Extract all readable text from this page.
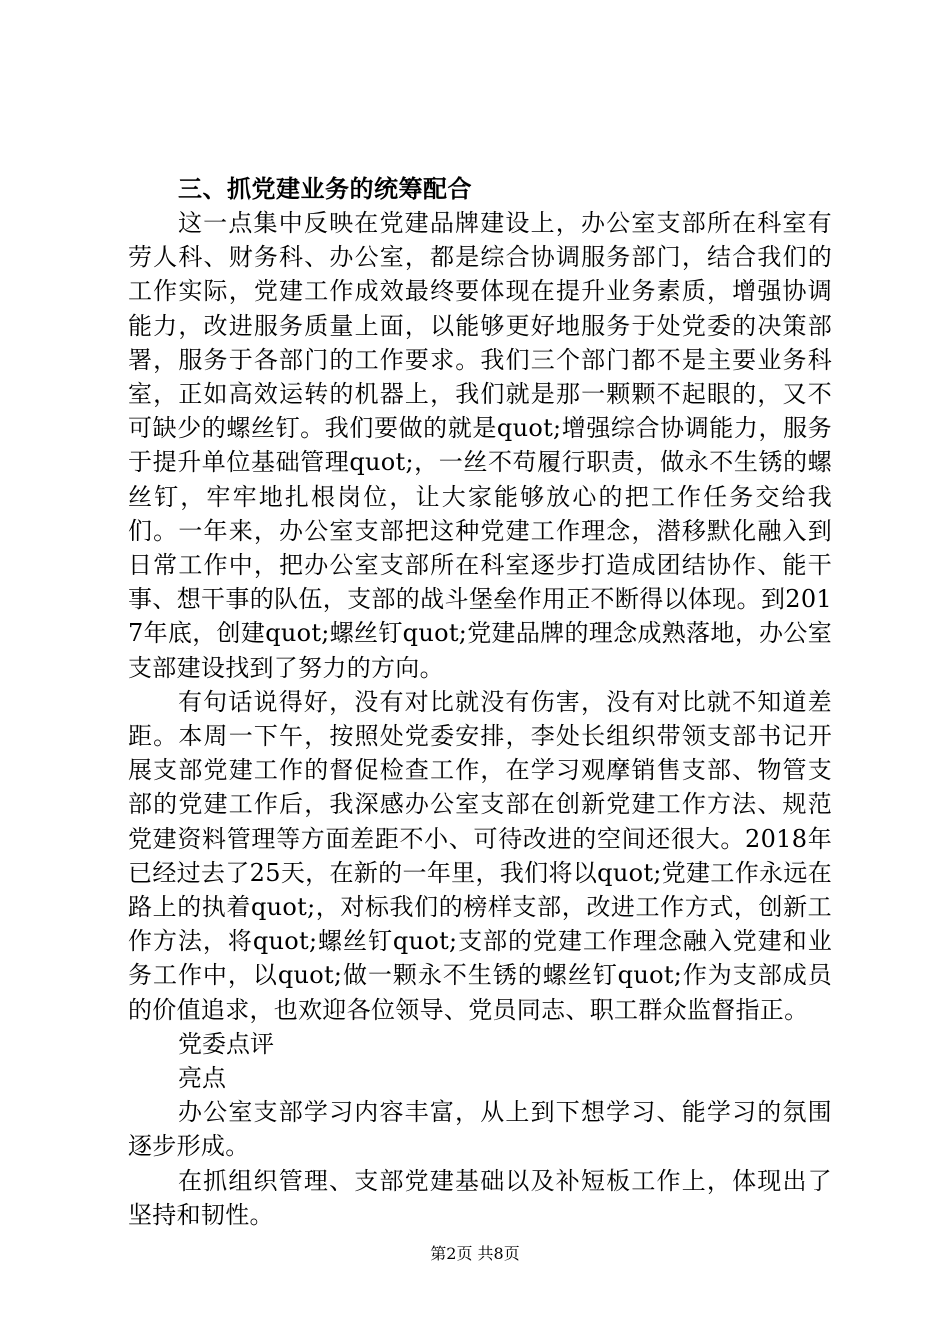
三、抓党建业务的统筹配合

这一点集中反映在党建品牌建设上，办公室支部所在科室有劳人科、财务科、办公室，都是综合协调服务部门，结合我们的工作实际，党建工作成效最终要体现在提升业务素质，增强协调能力，改进服务质量上面，以能够更好地服务于处党委的决策部署，服务于各部门的工作要求。我们三个部门都不是主要业务科室，正如高效运转的机器上，我们就是那一颗颗不起眼的，又不可缺少的螺丝钉。我们要做的就是quot;增强综合协调能力，服务于提升单位基础管理quot;，一丝不苟履行职责，做永不生锈的螺丝钉，牢牢地扎根岗位，让大家能够放心的把工作任务交给我们。一年来，办公室支部把这种党建工作理念，潜移默化融入到日常工作中，把办公室支部所在科室逐步打造成团结协作、能干事、想干事的队伍，支部的战斗堡垒作用正不断得以体现。到2017年底，创建quot;螺丝钉quot;党建品牌的理念成熟落地，办公室支部建设找到了努力的方向。

有句话说得好，没有对比就没有伤害，没有对比就不知道差距。本周一下午，按照处党委安排，李处长组织带领支部书记开展支部党建工作的督促检查工作，在学习观摩销售支部、物管支部的党建工作后，我深感办公室支部在创新党建工作方法、规范党建资料管理等方面差距不小、可待改进的空间还很大。2018年已经过去了25天，在新的一年里，我们将以quot;党建工作永远在路上的执着quot;，对标我们的榜样支部，改进工作方式，创新工作方法，将quot;螺丝钉quot;支部的党建工作理念融入党建和业务工作中，以quot;做一颗永不生锈的螺丝钉quot;作为支部成员的价值追求，也欢迎各位领导、党员同志、职工群众监督指正。

党委点评

亮点

办公室支部学习内容丰富，从上到下想学习、能学习的氛围逐步形成。

在抓组织管理、支部党建基础以及补短板工作上，体现出了坚持和韧性。

第2页 共8页
